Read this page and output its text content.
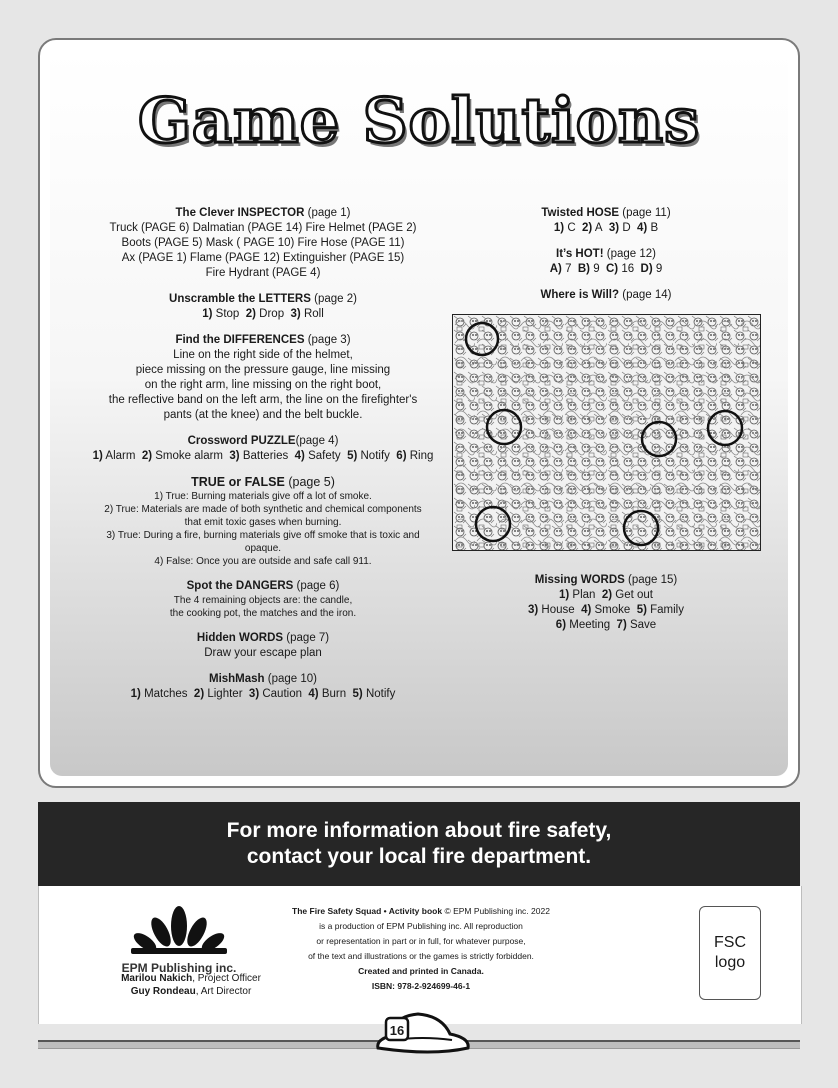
Game Solutions
The Clever INSPECTOR (page 1)
Truck (PAGE 6) Dalmatian (PAGE 14) Fire Helmet (PAGE 2)
Boots (PAGE 5) Mask ( PAGE 10) Fire Hose (PAGE 11)
Ax (PAGE 1) Flame (PAGE 12) Extinguisher (PAGE 15)
Fire Hydrant (PAGE 4)
Unscramble the LETTERS (page 2)
1) Stop 2) Drop 3) Roll
Find the DIFFERENCES (page 3)
Line on the right side of the helmet,
piece missing on the pressure gauge, line missing
on the right arm, line missing on the right boot,
the reflective band on the left arm, the line on the firefighter's
pants (at the knee) and the belt buckle.
Crossword PUZZLE(page 4)
1) Alarm 2) Smoke alarm 3) Batteries 4) Safety 5) Notify 6) Ring
TRUE or FALSE (page 5)
1) True: Burning materials give off a lot of smoke.
2) True: Materials are made of both synthetic and chemical components
that emit toxic gases when burning.
3) True: During a fire, burning materials give off smoke that is toxic and
opaque.
4) False: Once you are outside and safe call 911.
Spot the DANGERS (page 6)
The 4 remaining objects are: the candle,
the cooking pot, the matches and the iron.
Hidden WORDS (page 7)
Draw your escape plan
MishMash (page 10)
1) Matches 2) Lighter 3) Caution 4) Burn 5) Notify
Twisted HOSE (page 11)
1) C 2) A 3) D 4) B
It’s HOT! (page 12)
A) 7 B) 9 C) 16 D) 9
Where is Will? (page 14)
Missing WORDS (page 15)
1) Plan 2) Get out
3) House 4) Smoke 5) Family
6) Meeting 7) Save
For more information about fire safety,
contact your local fire department.
EPM Publishing inc.
Marilou Nakich, Project Officer
Guy Rondeau, Art Director
The Fire Safety Squad • Activity book © EPM Publishing inc. 2022
is a production of EPM Publishing inc. All reproduction
or representation in part or in full, for whatever purpose,
of the text and illustrations or the games is strictly forbidden.
Created and printed in Canada.
ISBN: 978-2-924699-46-1
FSC
logo
16
